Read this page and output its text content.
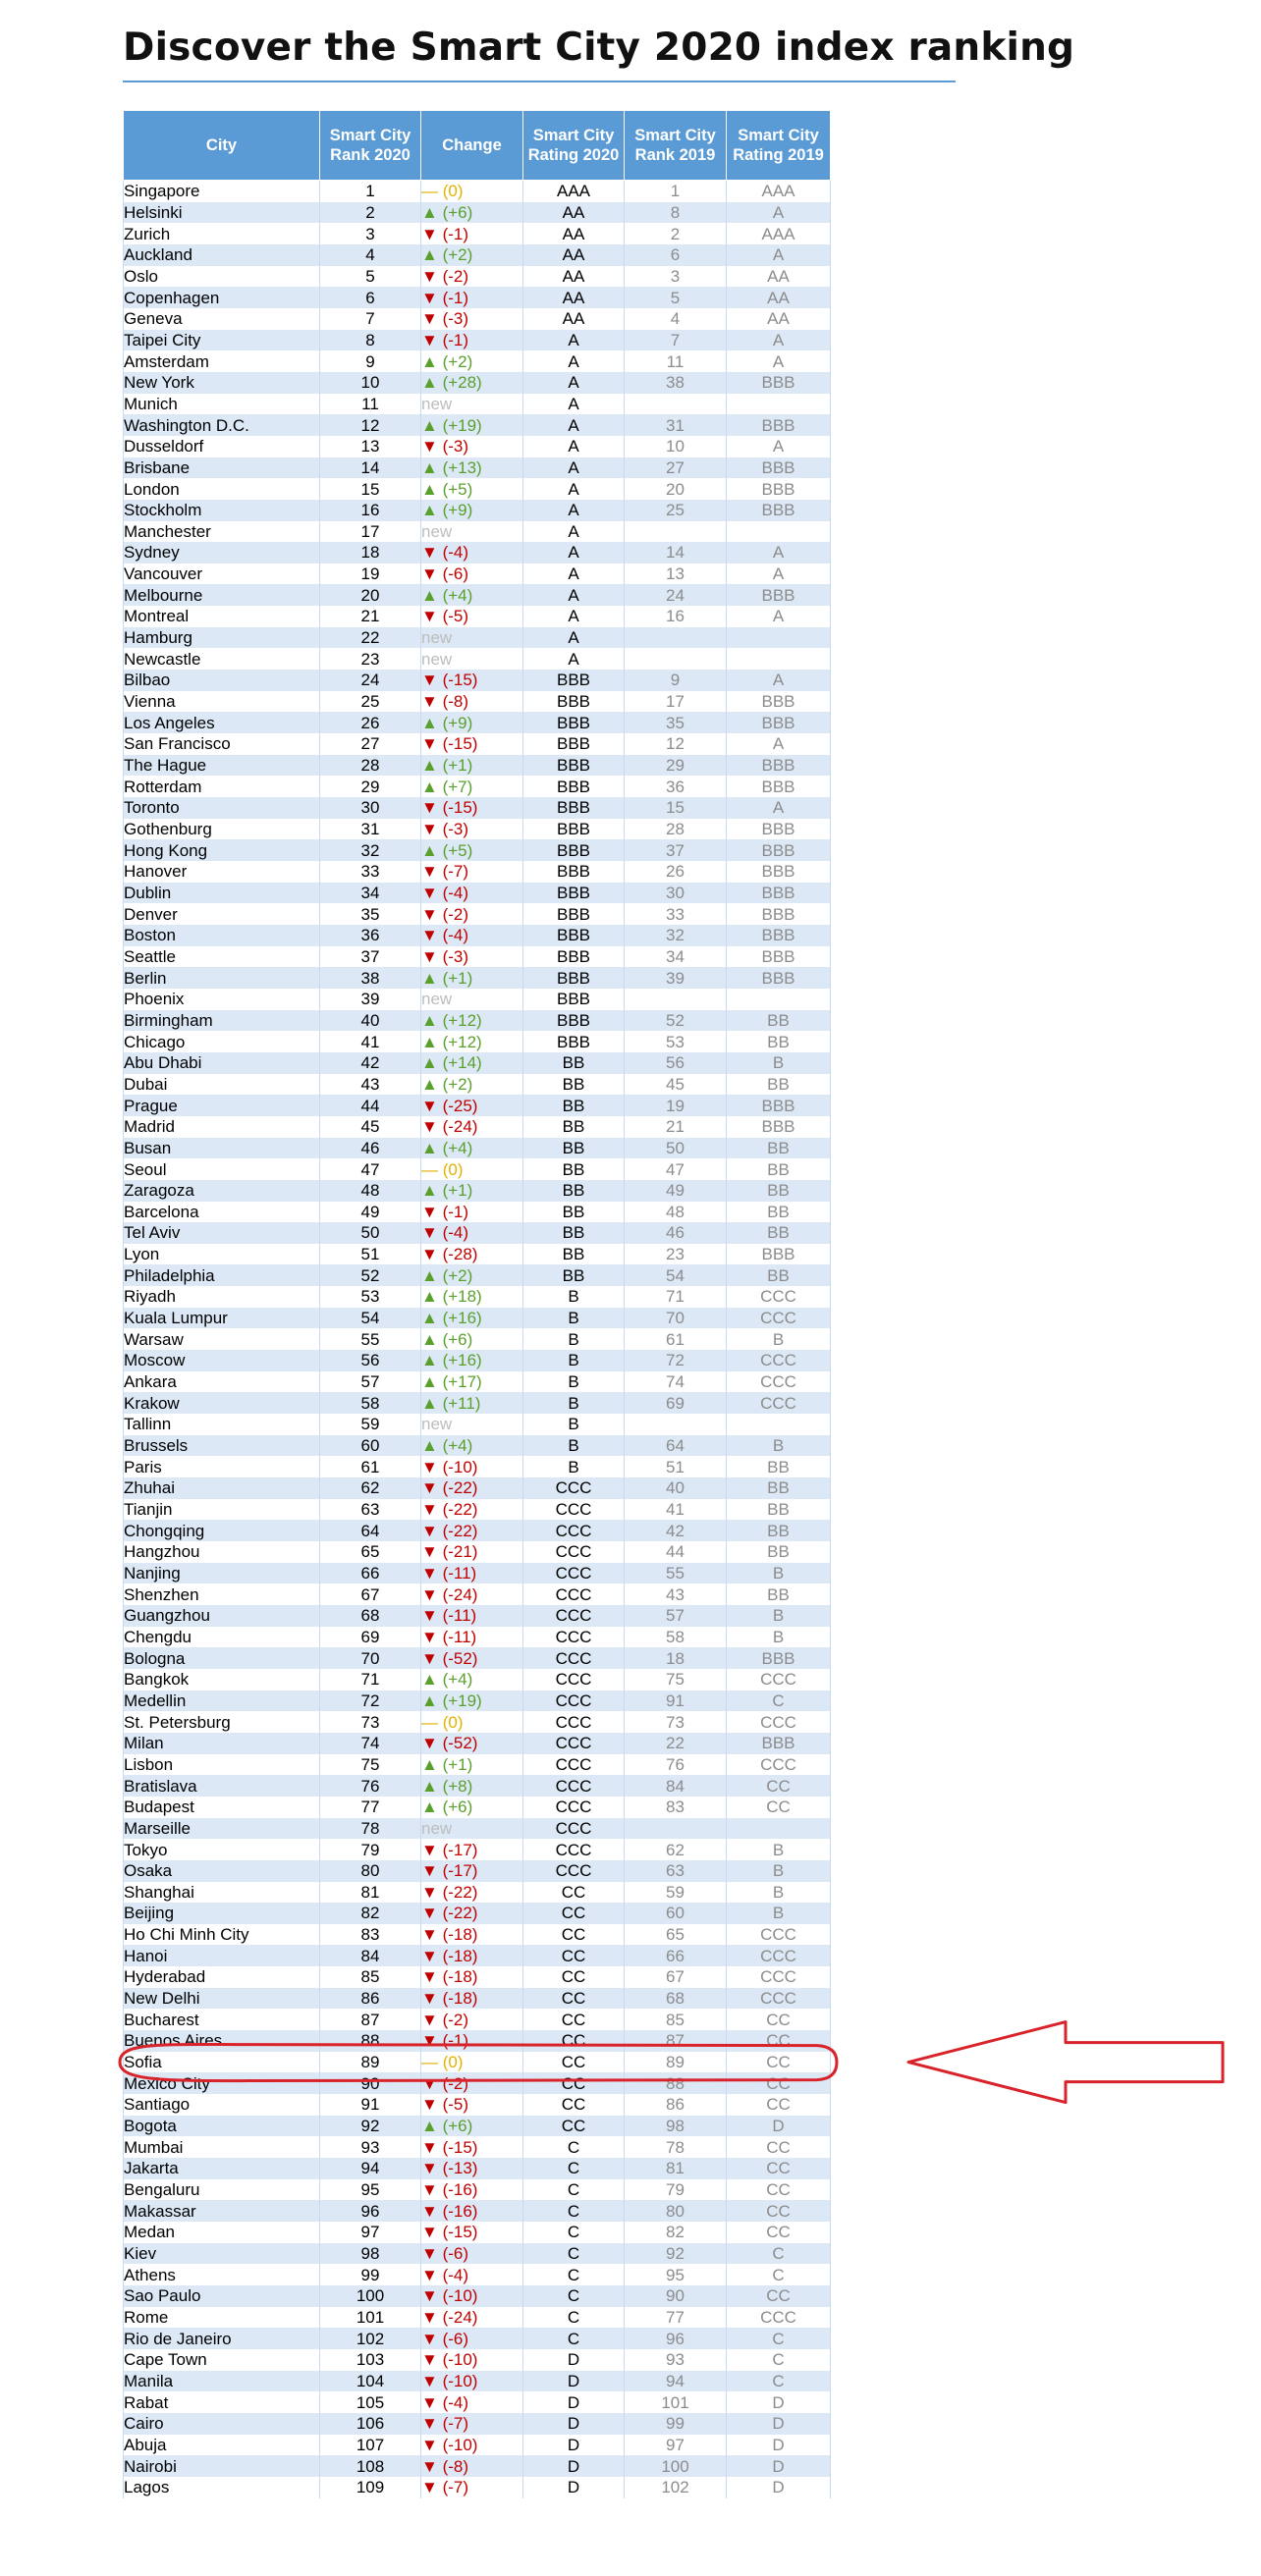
Discover the Smart City 2020 index ranking
City	Smart City Rank 2020	Change	Smart City Rating 2020	Smart City Rank 2019	Smart City Rating 2019
Singapore	1	— (0)	AAA	1	AAA
Helsinki	2	▲ (+6)	AA	8	A
Zurich	3	▼ (-1)	AA	2	AAA
Auckland	4	▲ (+2)	AA	6	A
Oslo	5	▼ (-2)	AA	3	AA
Copenhagen	6	▼ (-1)	AA	5	AA
Geneva	7	▼ (-3)	AA	4	AA
Taipei City	8	▼ (-1)	A	7	A
Amsterdam	9	▲ (+2)	A	11	A
New York	10	▲ (+28)	A	38	BBB
Munich	11	new	A		
Washington D.C.	12	▲ (+19)	A	31	BBB
Dusseldorf	13	▼ (-3)	A	10	A
Brisbane	14	▲ (+13)	A	27	BBB
London	15	▲ (+5)	A	20	BBB
Stockholm	16	▲ (+9)	A	25	BBB
Manchester	17	new	A		
Sydney	18	▼ (-4)	A	14	A
Vancouver	19	▼ (-6)	A	13	A
Melbourne	20	▲ (+4)	A	24	BBB
Montreal	21	▼ (-5)	A	16	A
Hamburg	22	new	A		
Newcastle	23	new	A		
Bilbao	24	▼ (-15)	BBB	9	A
Vienna	25	▼ (-8)	BBB	17	BBB
Los Angeles	26	▲ (+9)	BBB	35	BBB
San Francisco	27	▼ (-15)	BBB	12	A
The Hague	28	▲ (+1)	BBB	29	BBB
Rotterdam	29	▲ (+7)	BBB	36	BBB
Toronto	30	▼ (-15)	BBB	15	A
Gothenburg	31	▼ (-3)	BBB	28	BBB
Hong Kong	32	▲ (+5)	BBB	37	BBB
Hanover	33	▼ (-7)	BBB	26	BBB
Dublin	34	▼ (-4)	BBB	30	BBB
Denver	35	▼ (-2)	BBB	33	BBB
Boston	36	▼ (-4)	BBB	32	BBB
Seattle	37	▼ (-3)	BBB	34	BBB
Berlin	38	▲ (+1)	BBB	39	BBB
Phoenix	39	new	BBB		
Birmingham	40	▲ (+12)	BBB	52	BB
Chicago	41	▲ (+12)	BBB	53	BB
Abu Dhabi	42	▲ (+14)	BB	56	B
Dubai	43	▲ (+2)	BB	45	BB
Prague	44	▼ (-25)	BB	19	BBB
Madrid	45	▼ (-24)	BB	21	BBB
Busan	46	▲ (+4)	BB	50	BB
Seoul	47	— (0)	BB	47	BB
Zaragoza	48	▲ (+1)	BB	49	BB
Barcelona	49	▼ (-1)	BB	48	BB
Tel Aviv	50	▼ (-4)	BB	46	BB
Lyon	51	▼ (-28)	BB	23	BBB
Philadelphia	52	▲ (+2)	BB	54	BB
Riyadh	53	▲ (+18)	B	71	CCC
Kuala Lumpur	54	▲ (+16)	B	70	CCC
Warsaw	55	▲ (+6)	B	61	B
Moscow	56	▲ (+16)	B	72	CCC
Ankara	57	▲ (+17)	B	74	CCC
Krakow	58	▲ (+11)	B	69	CCC
Tallinn	59	new	B		
Brussels	60	▲ (+4)	B	64	B
Paris	61	▼ (-10)	B	51	BB
Zhuhai	62	▼ (-22)	CCC	40	BB
Tianjin	63	▼ (-22)	CCC	41	BB
Chongqing	64	▼ (-22)	CCC	42	BB
Hangzhou	65	▼ (-21)	CCC	44	BB
Nanjing	66	▼ (-11)	CCC	55	B
Shenzhen	67	▼ (-24)	CCC	43	BB
Guangzhou	68	▼ (-11)	CCC	57	B
Chengdu	69	▼ (-11)	CCC	58	B
Bologna	70	▼ (-52)	CCC	18	BBB
Bangkok	71	▲ (+4)	CCC	75	CCC
Medellin	72	▲ (+19)	CCC	91	C
St. Petersburg	73	— (0)	CCC	73	CCC
Milan	74	▼ (-52)	CCC	22	BBB
Lisbon	75	▲ (+1)	CCC	76	CCC
Bratislava	76	▲ (+8)	CCC	84	CC
Budapest	77	▲ (+6)	CCC	83	CC
Marseille	78	new	CCC		
Tokyo	79	▼ (-17)	CCC	62	B
Osaka	80	▼ (-17)	CCC	63	B
Shanghai	81	▼ (-22)	CC	59	B
Beijing	82	▼ (-22)	CC	60	B
Ho Chi Minh City	83	▼ (-18)	CC	65	CCC
Hanoi	84	▼ (-18)	CC	66	CCC
Hyderabad	85	▼ (-18)	CC	67	CCC
New Delhi	86	▼ (-18)	CC	68	CCC
Bucharest	87	▼ (-2)	CC	85	CC
Buenos Aires	88	▼ (-1)	CC	87	CC
Sofia	89	— (0)	CC	89	CC
Mexico City	90	▼ (-2)	CC	88	CC
Santiago	91	▼ (-5)	CC	86	CC
Bogota	92	▲ (+6)	CC	98	D
Mumbai	93	▼ (-15)	C	78	CC
Jakarta	94	▼ (-13)	C	81	CC
Bengaluru	95	▼ (-16)	C	79	CC
Makassar	96	▼ (-16)	C	80	CC
Medan	97	▼ (-15)	C	82	CC
Kiev	98	▼ (-6)	C	92	C
Athens	99	▼ (-4)	C	95	C
Sao Paulo	100	▼ (-10)	C	90	CC
Rome	101	▼ (-24)	C	77	CCC
Rio de Janeiro	102	▼ (-6)	C	96	C
Cape Town	103	▼ (-10)	D	93	C
Manila	104	▼ (-10)	D	94	C
Rabat	105	▼ (-4)	D	101	D
Cairo	106	▼ (-7)	D	99	D
Abuja	107	▼ (-10)	D	97	D
Nairobi	108	▼ (-8)	D	100	D
Lagos	109	▼ (-7)	D	102	D
